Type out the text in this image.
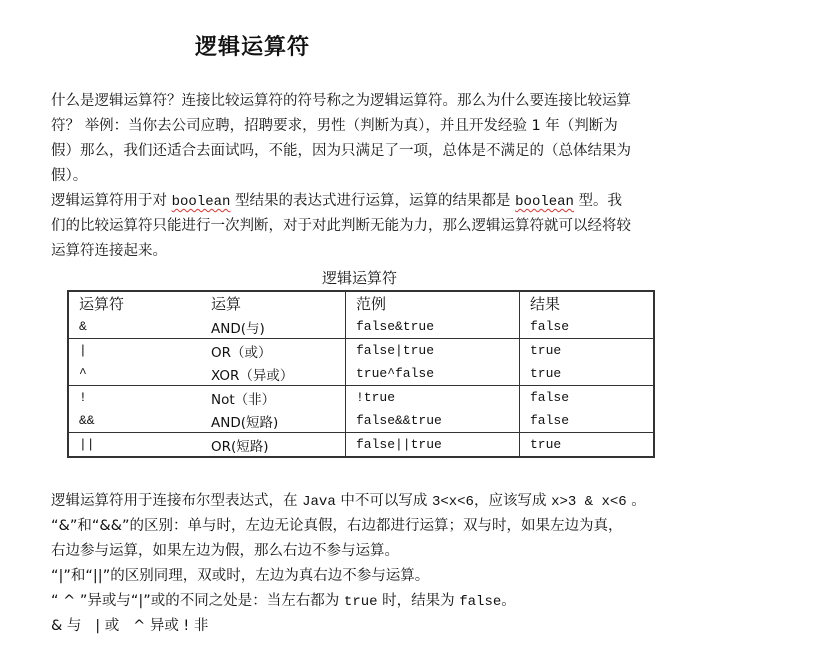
逻辑运算符
什么是逻辑运算符？连接比较运算符的符号称之为逻辑运算符。那么为什么要连接比较运算
符？ 举例：当你去公司应聘，招聘要求，男性（判断为真），并且开发经验 1 年（判断为
假）那么，我们还适合去面试吗，不能，因为只满足了一项，总体是不满足的（总体结果为
假）。
逻辑运算符用于对 boolean 型结果的表达式进行运算，运算的结果都是 boolean 型。我
们的比较运算符只能进行一次判断，对于对此判断无能为力，那么逻辑运算符就可以经将较
运算符连接起来。
逻辑运算符
运算符	运算	范例	结果
&	AND(与)	false&true	false
|	OR（或）	false|true	true
^	XOR（异或）	true^false	true
!	Not（非）	!true	false
&&	AND(短路)	false&&true	false
||	OR(短路)	false||true	true
逻辑运算符用于连接布尔型表达式，在 Java 中不可以写成 3<x<6，应该写成 x>3 & x<6 。
“&”和“&&”的区别：单与时，左边无论真假，右边都进行运算；双与时，如果左边为真，
右边参与运算，如果左边为假，那么右边不参与运算。
“|”和“||”的区别同理，双或时，左边为真右边不参与运算。
“ ^ ”异或与“|”或的不同之处是：当左右都为 true 时，结果为 false。
& 与   | 或   ^ 异或 ! 非
